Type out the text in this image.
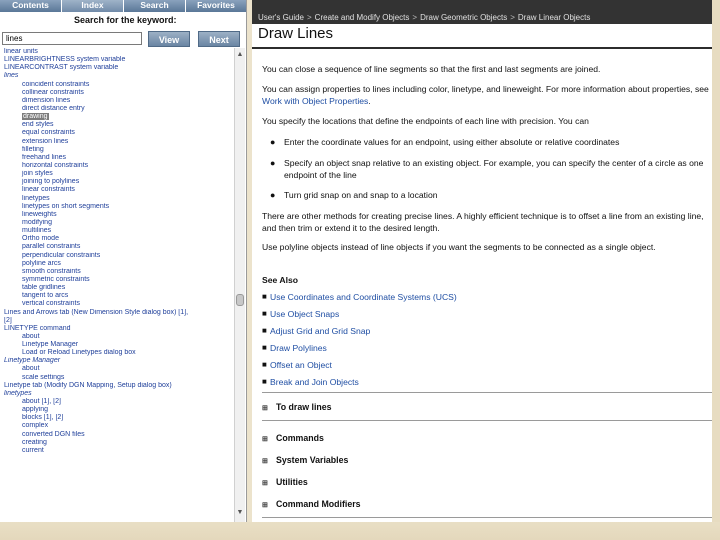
Contents	Index	Search	Favorites
Search for the keyword:
lines
View	Next
linear units
LINEARBRIGHTNESS system variable
LINEARCONTRAST system variable
lines
coincident constraints
collinear constraints
dimension lines
direct distance entry
drawing
end styles
equal constraints
extension lines
filleting
freehand lines
horizontal constraints
join styles
joining to polylines
linear constraints
linetypes
linetypes on short segments
lineweights
modifying
multilines
Ortho mode
parallel constraints
perpendicular constraints
polyline arcs
smooth constraints
symmetric constraints
table gridlines
tangent to arcs
vertical constraints
Lines and Arrows tab (New Dimension Style dialog box) [1],
[2]
LINETYPE command
about
Linetype Manager
Load or Reload Linetypes dialog box
Linetype Manager
about
scale settings
Linetype tab (Modify DGN Mapping, Setup dialog box)
linetypes
about [1], [2]
applying
blocks [1], [2]
complex
converted DGN files
creating
current
▲
▼
User's Guide > Create and Modify Objects > Draw Geometric Objects > Draw Linear Objects
Draw Lines
You can close a sequence of line segments so that the first and last segments are joined.
You can assign properties to lines including color, linetype, and lineweight. For more information about properties, see Work with Object Properties.
You specify the locations that define the endpoints of each line with precision. You can
● Enter the coordinate values for an endpoint, using either absolute or relative coordinates
● Specify an object snap relative to an existing object. For example, you can specify the center of a circle as one endpoint of the line
● Turn grid snap on and snap to a location
There are other methods for creating precise lines. A highly efficient technique is to offset a line from an existing line, and then trim or extend it to the desired length.
Use polyline objects instead of line objects if you want the segments to be connected as a single object.
See Also
■ Use Coordinates and Coordinate Systems (UCS)
■ Use Object Snaps
■ Adjust Grid and Grid Snap
■ Draw Polylines
■ Offset an Object
■ Break and Join Objects
⊞ To draw lines
⊞ Commands
⊞ System Variables
⊞ Utilities
⊞ Command Modifiers
